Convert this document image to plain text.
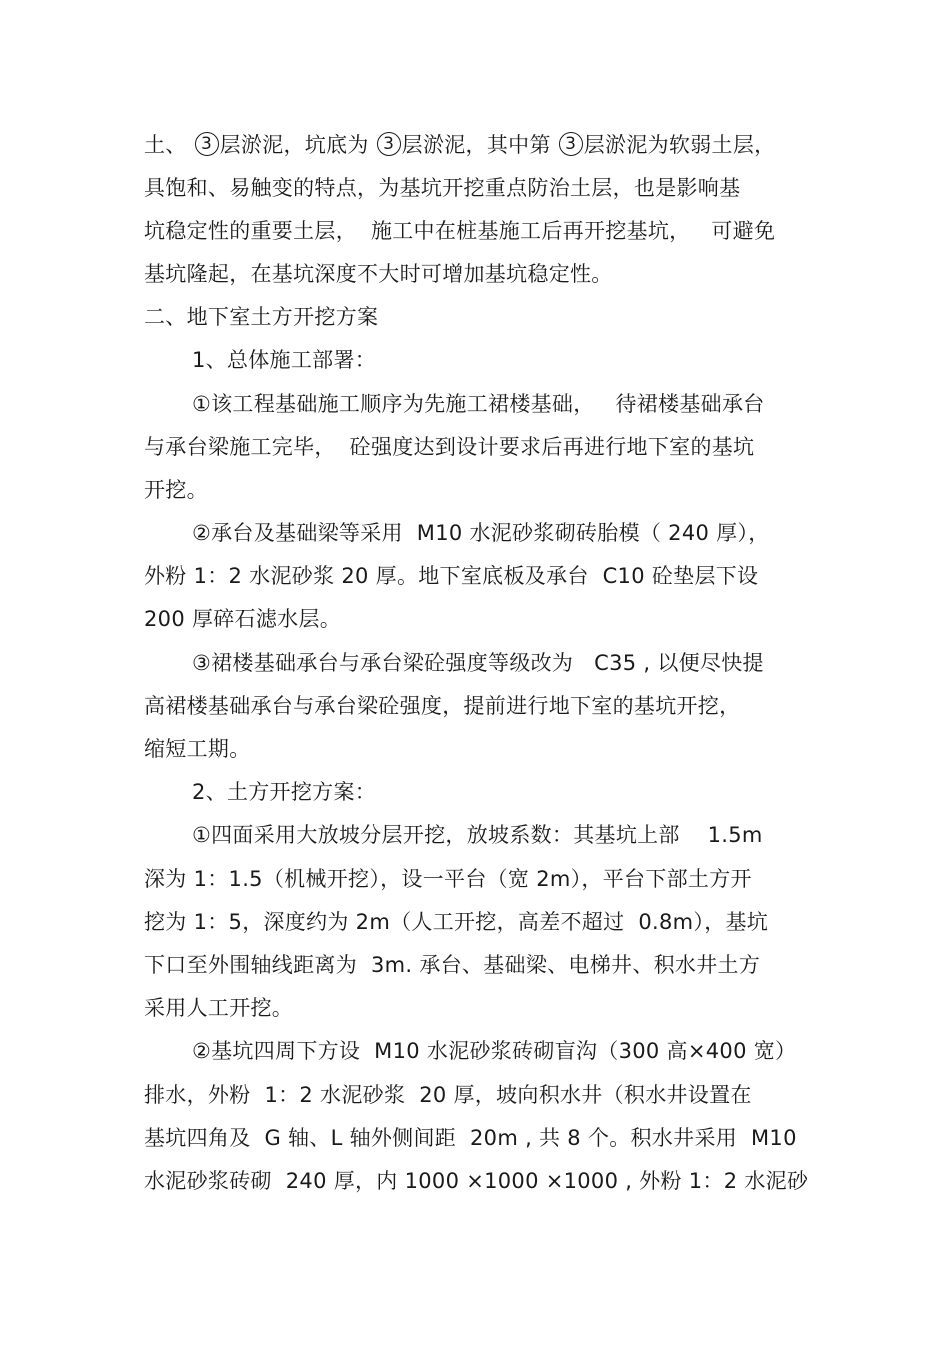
土、 3 层淤泥，坑底为 3 层淤泥，其中第 3 层淤泥为软弱土层，
具饱和、易触变的特点，为基坑开挖重点防治土层，也是影响基
坑稳定性的重要土层，  施工中在桩基施工后再开挖基坑，   可避免
基坑隆起，在基坑深度不大时可增加基坑稳定性。
二、地下室土方开挖方案
1、总体施工部署：
①该工程基础施工顺序为先施工裙楼基础，   待裙楼基础承台
与承台梁施工完毕，  砼强度达到设计要求后再进行地下室的基坑
开挖。
②承台及基础梁等采用  M10 水泥砂浆砌砖胎模（ 240 厚），
外粉 1：2 水泥砂浆 20 厚。地下室底板及承台  C10 砼垫层下设
200 厚碎石滤水层。
③裙楼基础承台与承台梁砼强度等级改为   C35 , 以便尽快提
高裙楼基础承台与承台梁砼强度，提前进行地下室的基坑开挖，
缩短工期。
2、土方开挖方案：
①四面采用大放坡分层开挖，放坡系数：其基坑上部    1.5m
深为 1：1.5（机械开挖），设一平台（宽 2m），平台下部土方开
挖为 1：5，深度约为 2m（人工开挖，高差不超过  0.8m），基坑
下口至外围轴线距离为  3m. 承台、基础梁、电梯井、积水井土方
采用人工开挖。
②基坑四周下方设  M10 水泥砂浆砖砌盲沟（300 高×400 宽）
排水，外粉  1：2 水泥砂浆  20 厚，坡向积水井（积水井设置在
基坑四角及  G 轴、L 轴外侧间距  20m , 共 8 个。积水井采用  M10
水泥砂浆砖砌  240 厚，内 1000 ×1000 ×1000 , 外粉 1：2 水泥砂
